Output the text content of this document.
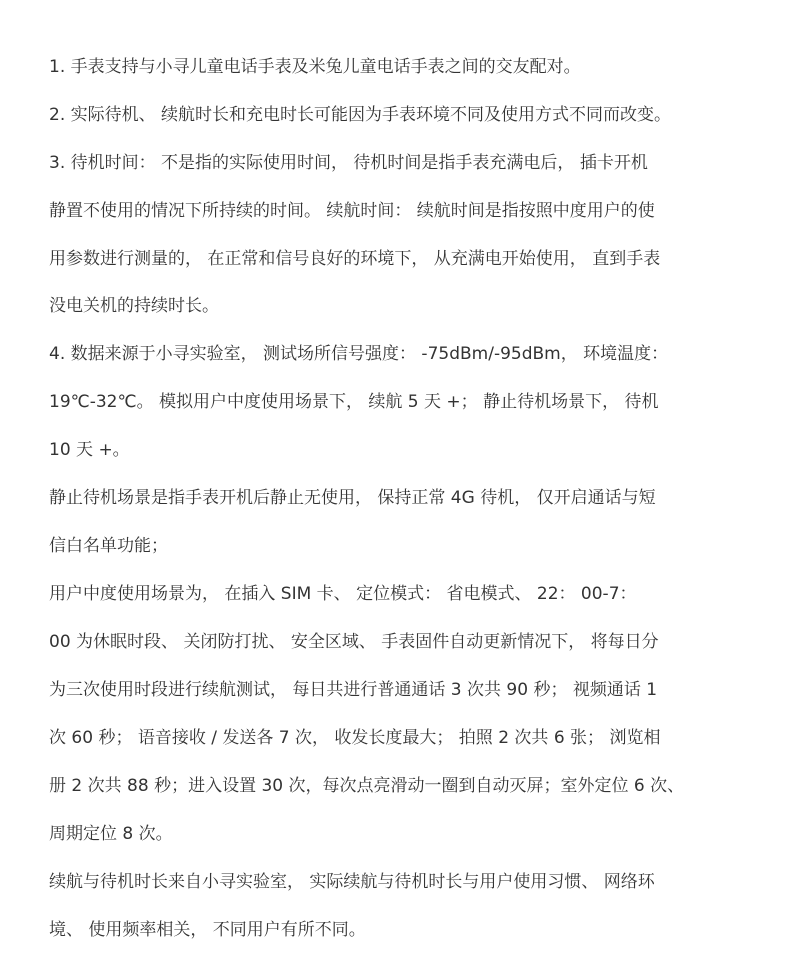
1. 手表支持与小寻儿童电话手表及米兔儿童电话手表之间的交友配对。
2. 实际待机、 续航时长和充电时长可能因为手表环境不同及使用方式不同而改变。
3. 待机时间： 不是指的实际使用时间， 待机时间是指手表充满电后， 插卡开机
静置不使用的情况下所持续的时间。 续航时间： 续航时间是指按照中度用户的使
用参数进行测量的， 在正常和信号良好的环境下， 从充满电开始使用， 直到手表
没电关机的持续时长。
4. 数据来源于小寻实验室， 测试场所信号强度： -75dBm/-95dBm， 环境温度：
19℃-32℃。 模拟用户中度使用场景下， 续航 5 天 +； 静止待机场景下， 待机
10 天 +。
静止待机场景是指手表开机后静止无使用， 保持正常 4G 待机， 仅开启通话与短
信白名单功能；
用户中度使用场景为， 在插入 SIM 卡、 定位模式： 省电模式、 22： 00-7：
00 为休眠时段、 关闭防打扰、 安全区域、 手表固件自动更新情况下， 将每日分
为三次使用时段进行续航测试， 每日共进行普通通话 3 次共 90 秒； 视频通话 1
次 60 秒； 语音接收 / 发送各 7 次， 收发长度最大； 拍照 2 次共 6 张； 浏览相
册 2 次共 88 秒；进入设置 30 次，每次点亮滑动一圈到自动灭屏；室外定位 6 次、
周期定位 8 次。
续航与待机时长来自小寻实验室， 实际续航与待机时长与用户使用习惯、 网络环
境、 使用频率相关， 不同用户有所不同。
